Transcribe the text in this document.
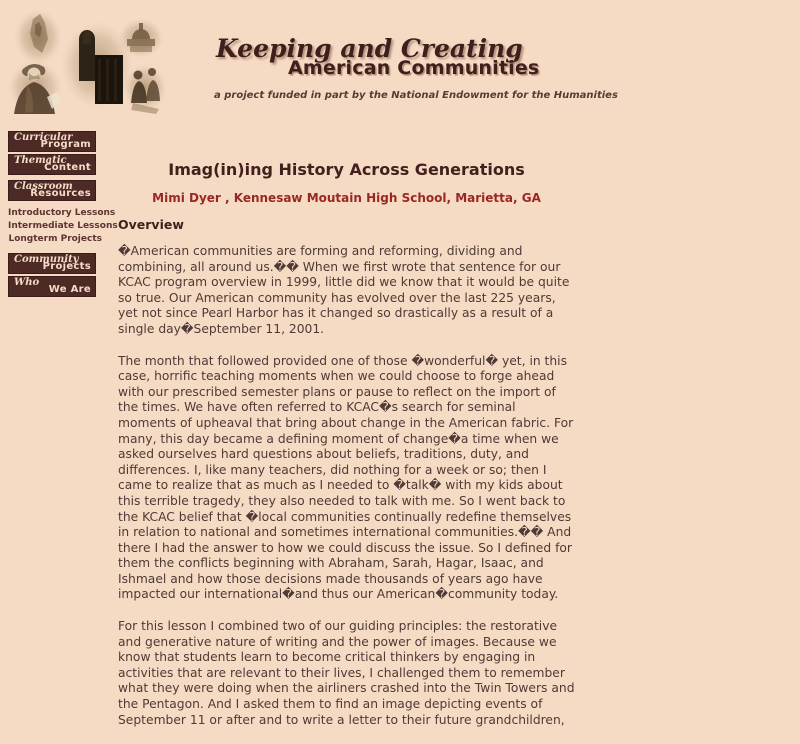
Keeping and Creating
American Communities
a project funded in part by the National Endowment for the Humanities
Curricular
Program
Thematic
Content
Classroom
Resources
Introductory Lessons
Intermediate Lessons
Longterm Projects
Community
Projects
Who
We Are
Imag(in)ing History Across Generations
Mimi Dyer , Kennesaw Moutain High School, Marietta, GA
Overview

�American communities are forming and reforming, dividing and combining, all around us.�� When we first wrote that sentence for our KCAC program overview in 1999, little did we know that it would be quite so true. Our American community has evolved over the last 225 years, yet not since Pearl Harbor has it changed so drastically as a result of a single day�September 11, 2001.

The month that followed provided one of those �wonderful� yet, in this case, horrific teaching moments when we could choose to forge ahead with our prescribed semester plans or pause to reflect on the import of the times. We have often referred to KCAC�s search for seminal moments of upheaval that bring about change in the American fabric. For many, this day became a defining moment of change�a time when we asked ourselves hard questions about beliefs, traditions, duty, and differences. I, like many teachers, did nothing for a week or so; then I came to realize that as much as I needed to �talk� with my kids about this terrible tragedy, they also needed to talk with me. So I went back to the KCAC belief that �local communities continually redefine themselves in relation to national and sometimes international communities.�� And there I had the answer to how we could discuss the issue. So I defined for them the conflicts beginning with Abraham, Sarah, Hagar, Isaac, and Ishmael and how those decisions made thousands of years ago have impacted our international�and thus our American�community today.

For this lesson I combined two of our guiding principles: the restorative and generative nature of writing and the power of images. Because we know that students learn to become critical thinkers by engaging in activities that are relevant to their lives, I challenged them to remember what they were doing when the airliners crashed into the Twin Towers and the Pentagon. And I asked them to find an image depicting events of September 11 or after and to write a letter to their future grandchildren,
